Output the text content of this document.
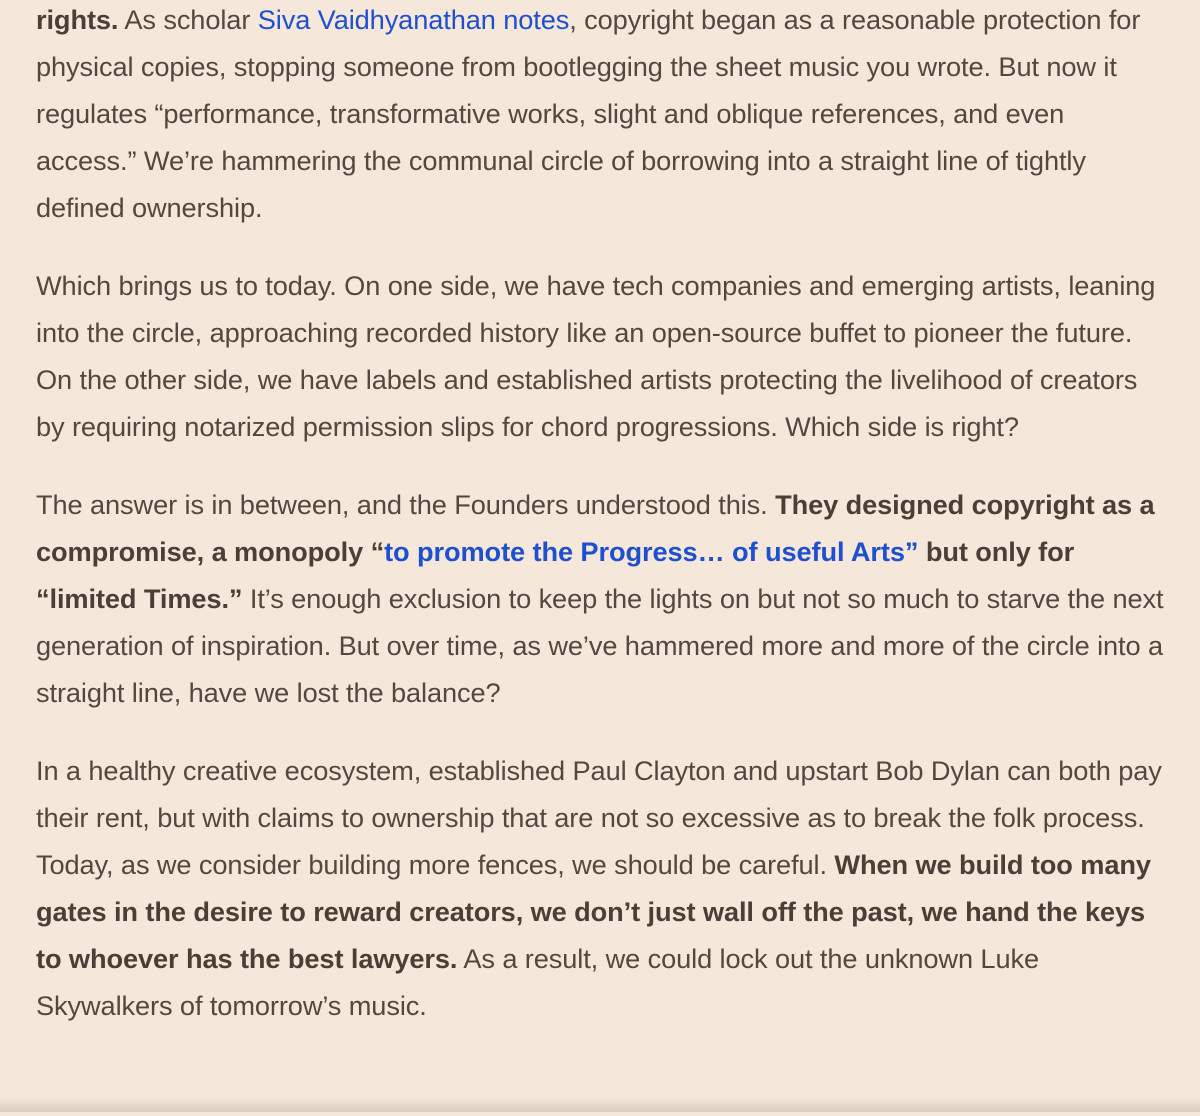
rights. As scholar Siva Vaidhyanathan notes, copyright began as a reasonable protection for physical copies, stopping someone from bootlegging the sheet music you wrote. But now it regulates “performance, transformative works, slight and oblique references, and even access.” We’re hammering the communal circle of borrowing into a straight line of tightly defined ownership.

Which brings us to today. On one side, we have tech companies and emerging artists, leaning into the circle, approaching recorded history like an open-source buffet to pioneer the future. On the other side, we have labels and established artists protecting the livelihood of creators by requiring notarized permission slips for chord progressions. Which side is right?

The answer is in between, and the Founders understood this. They designed copyright as a compromise, a monopoly “to promote the Progress… of useful Arts” but only for “limited Times.” It’s enough exclusion to keep the lights on but not so much to starve the next generation of inspiration. But over time, as we’ve hammered more and more of the circle into a straight line, have we lost the balance?

In a healthy creative ecosystem, established Paul Clayton and upstart Bob Dylan can both pay their rent, but with claims to ownership that are not so excessive as to break the folk process. Today, as we consider building more fences, we should be careful. When we build too many gates in the desire to reward creators, we don’t just wall off the past, we hand the keys to whoever has the best lawyers. As a result, we could lock out the unknown Luke Skywalkers of tomorrow’s music.
